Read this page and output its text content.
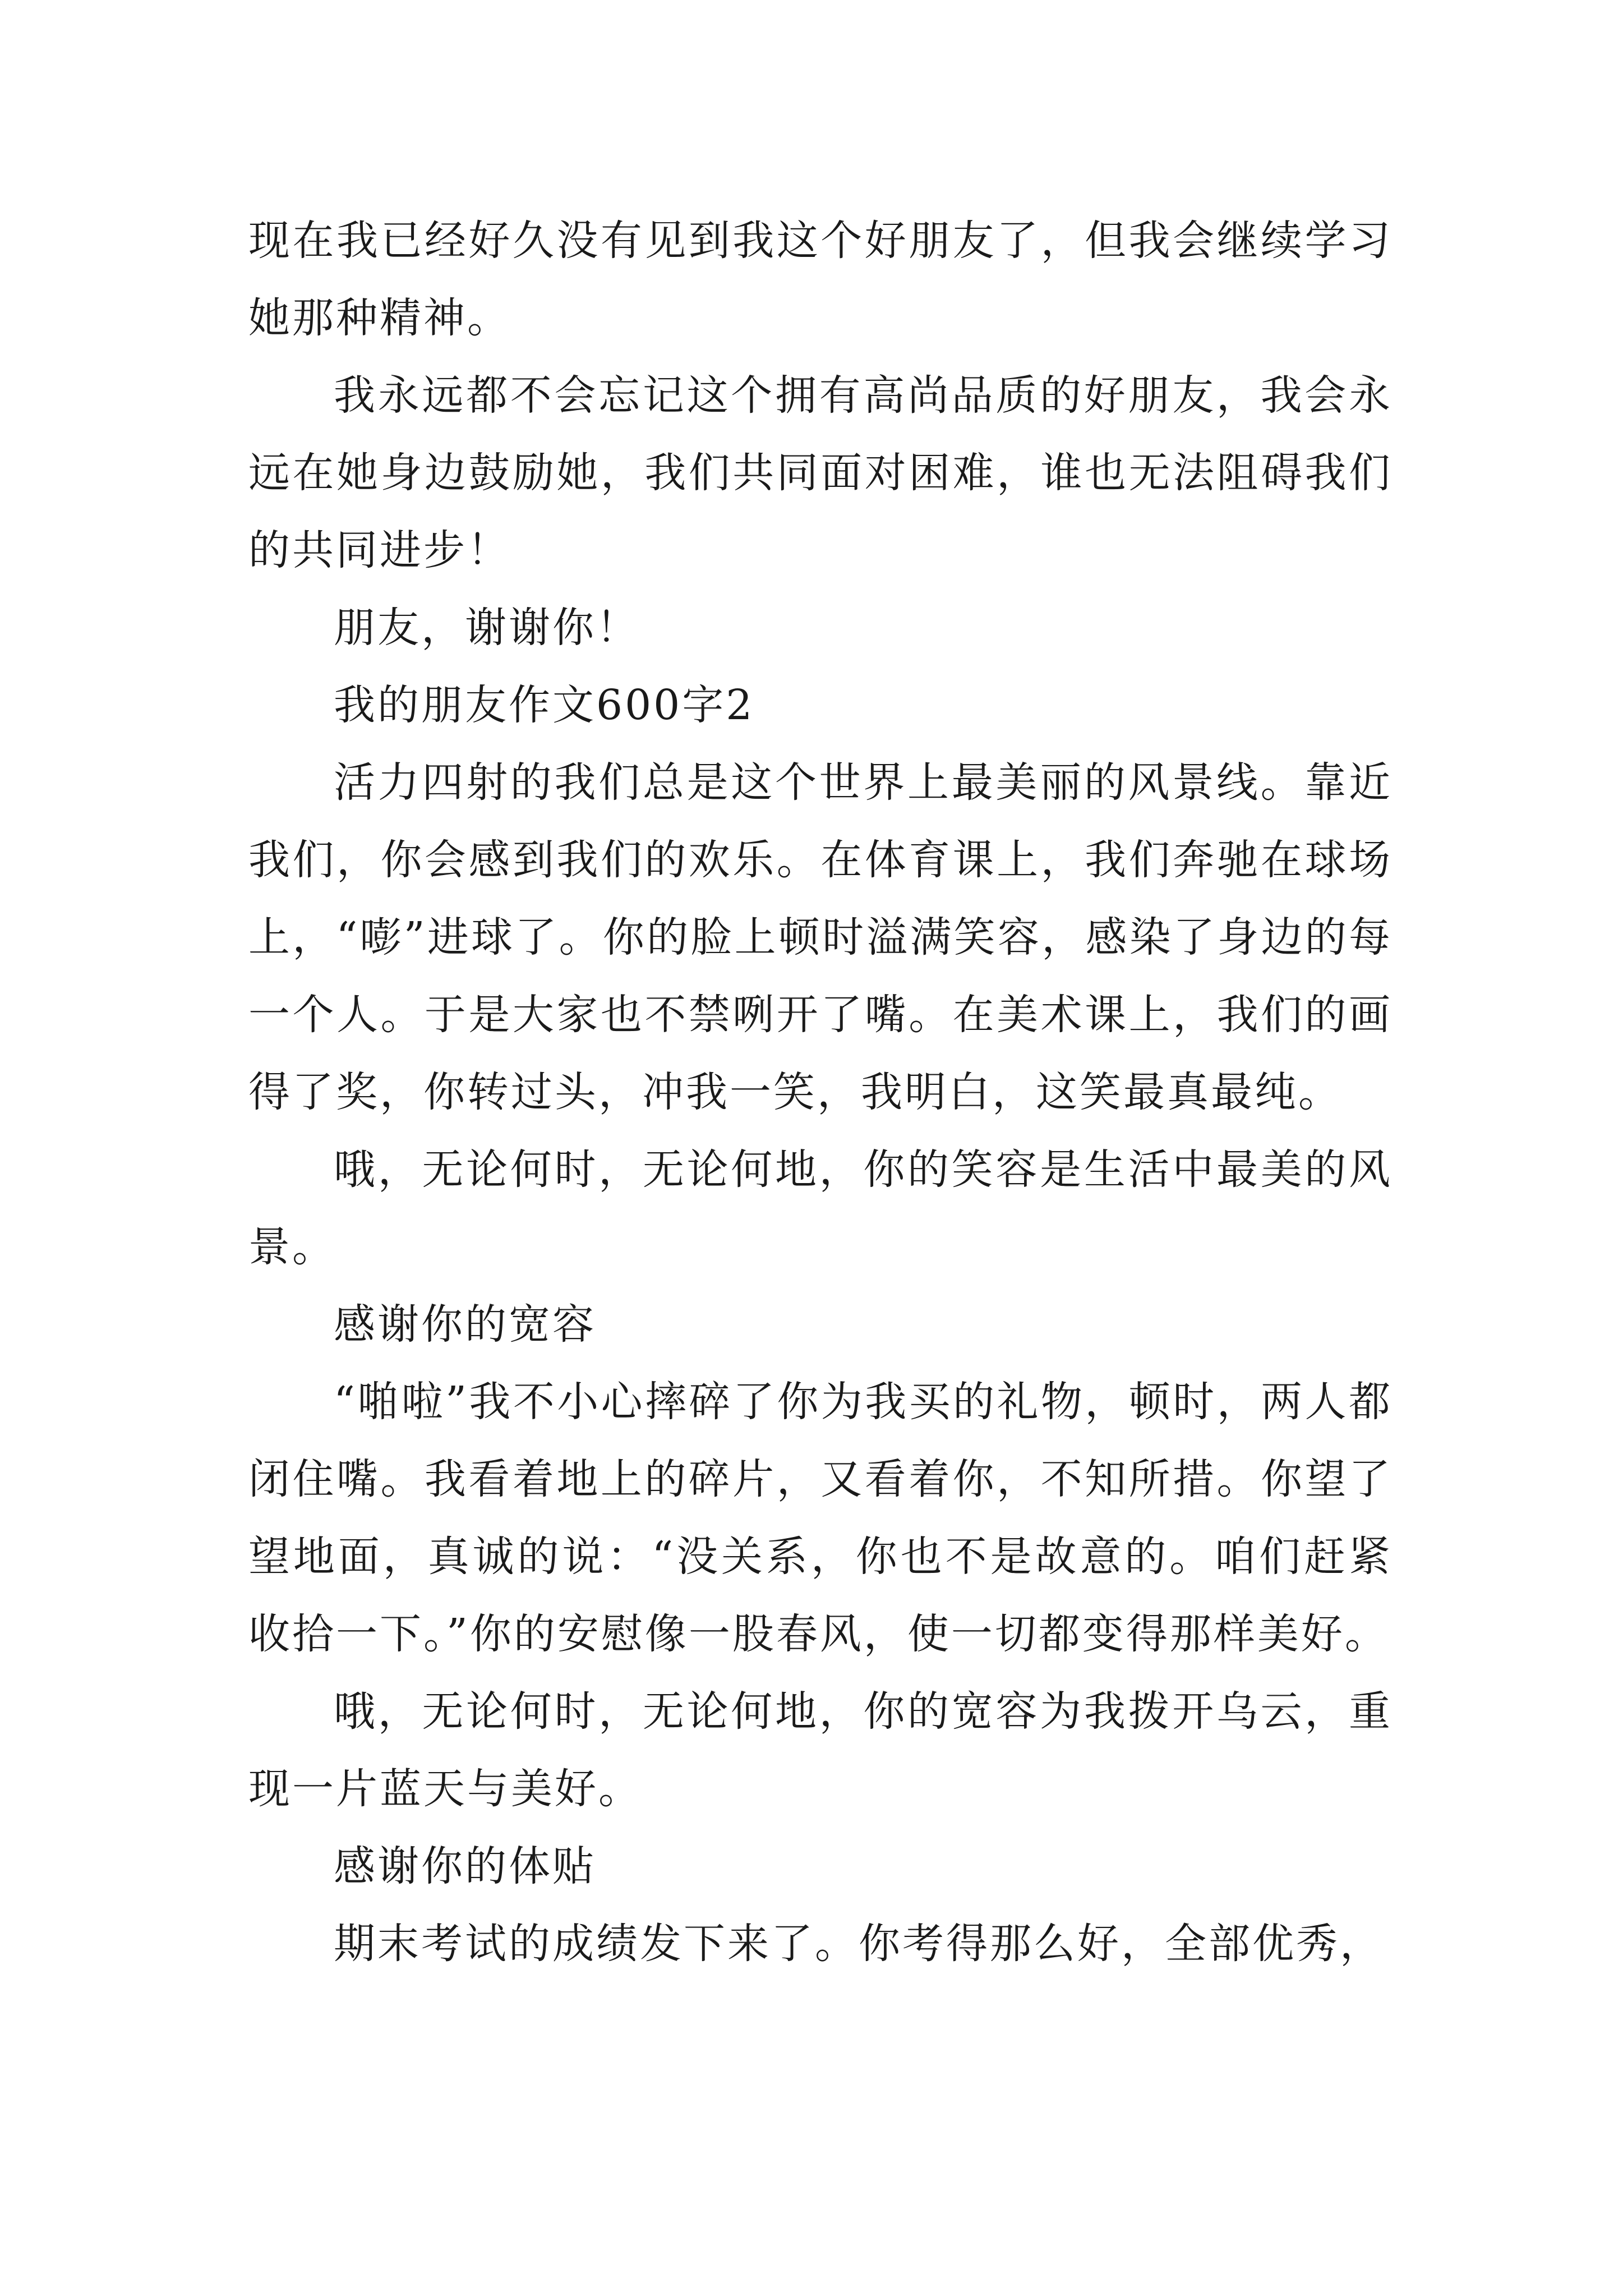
现在我已经好久没有见到我这个好朋友了，但我会继续学习她那种精神。

我永远都不会忘记这个拥有高尚品质的好朋友，我会永远在她身边鼓励她，我们共同面对困难，谁也无法阻碍我们的共同进步！

朋友，谢谢你！

我的朋友作文600字2

活力四射的我们总是这个世界上最美丽的风景线。靠近我们，你会感到我们的欢乐。在体育课上，我们奔驰在球场上，“嘭”进球了。你的脸上顿时溢满笑容，感染了身边的每一个人。于是大家也不禁咧开了嘴。在美术课上，我们的画得了奖，你转过头，冲我一笑，我明白，这笑最真最纯。

哦，无论何时，无论何地，你的笑容是生活中最美的风景。

感谢你的宽容

“啪啦”我不小心摔碎了你为我买的礼物，顿时，两人都闭住嘴。我看着地上的碎片，又看着你，不知所措。你望了望地面，真诚的说：“没关系，你也不是故意的。咱们赶紧收拾一下。”你的安慰像一股春风，使一切都变得那样美好。

哦，无论何时，无论何地，你的宽容为我拨开乌云，重现一片蓝天与美好。

感谢你的体贴

期末考试的成绩发下来了。你考得那么好，全部优秀，
